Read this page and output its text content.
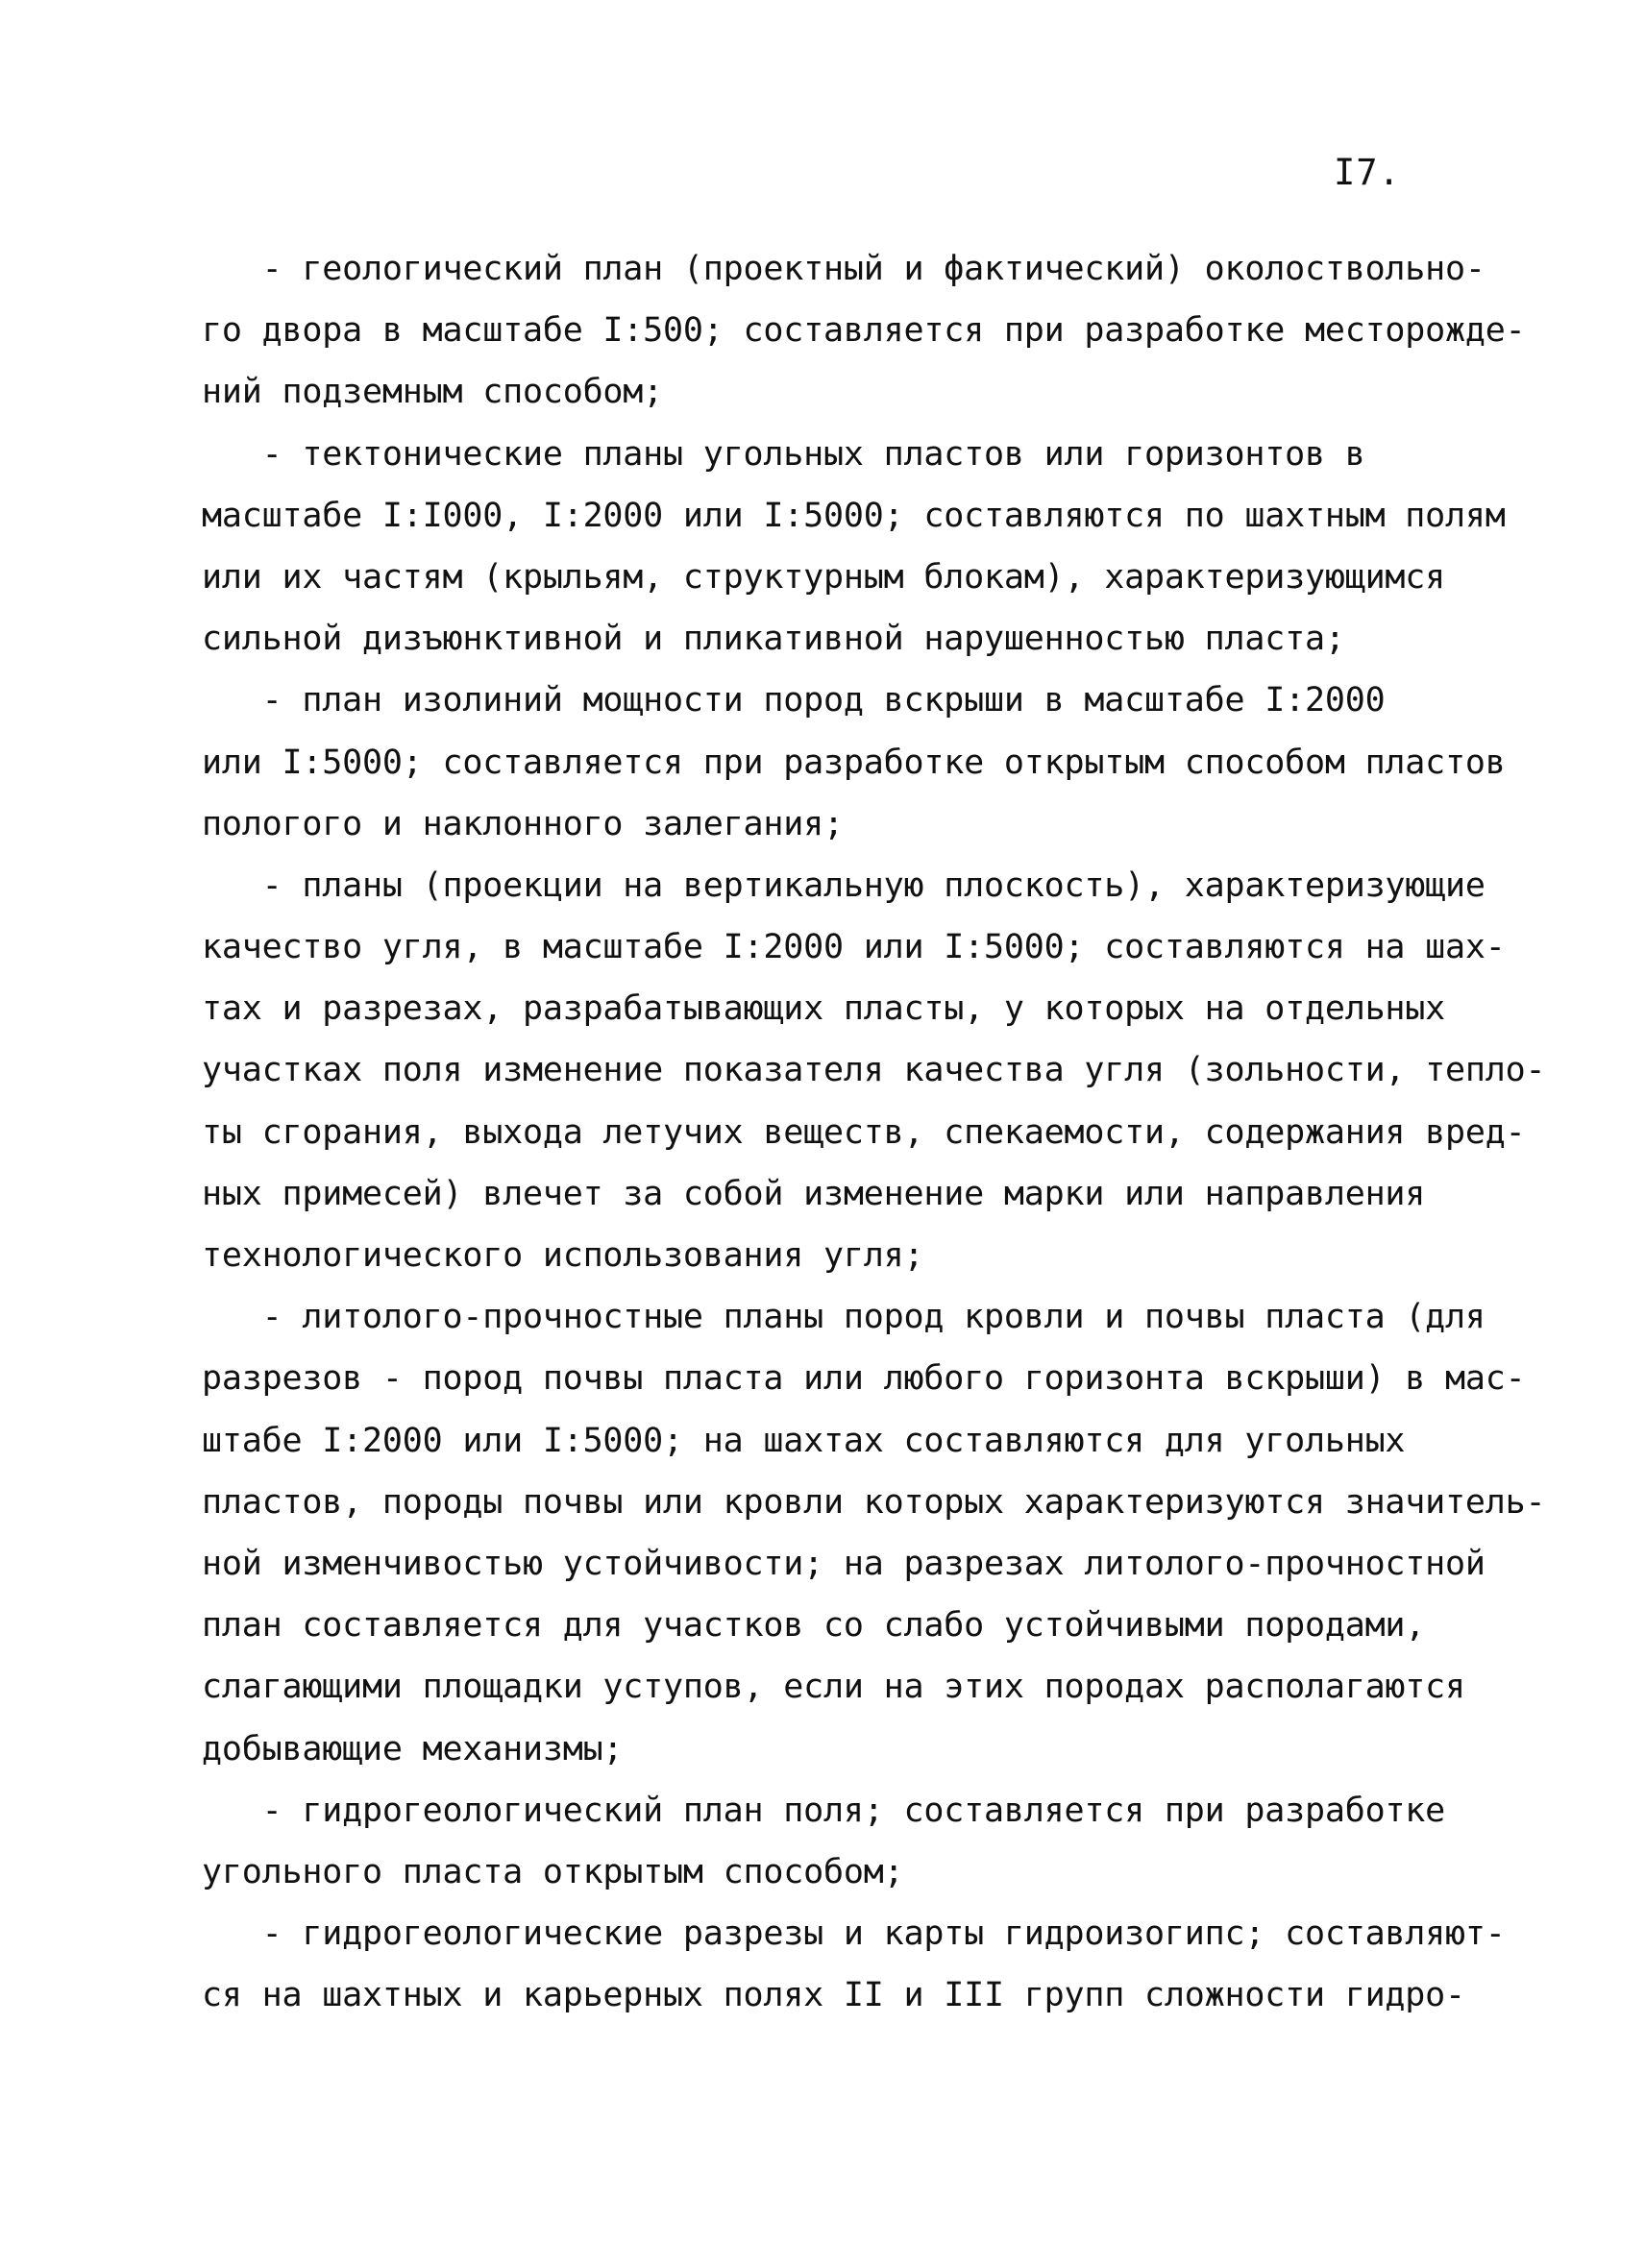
I7.
- геологический план (проектный и фактический) околоствольно-
го двора в масштабе I:500; составляется при разработке месторожде-
ний подземным способом;
- тектонические планы угольных пластов или горизонтов в
масштабе I:I000, I:2000 или I:5000; составляются по шахтным полям
или их частям (крыльям, структурным блокам), характеризующимся
сильной дизъюнктивной и пликативной нарушенностью пласта;
- план изолиний мощности пород вскрыши в масштабе I:2000
или I:5000; составляется при разработке открытым способом пластов
пологого и наклонного залегания;
- планы (проекции на вертикальную плоскость), характеризующие
качество угля, в масштабе I:2000 или I:5000; составляются на шах-
тах и разрезах, разрабатывающих пласты, у которых на отдельных
участках поля изменение показателя качества угля (зольности, тепло-
ты сгорания, выхода летучих веществ, спекаемости, содержания вред-
ных примесей) влечет за собой изменение марки или направления
технологического использования угля;
- литолого-прочностные планы пород кровли и почвы пласта (для
разрезов - пород почвы пласта или любого горизонта вскрыши) в мас-
штабе I:2000 или I:5000; на шахтах составляются для угольных
пластов, породы почвы или кровли которых характеризуются значитель-
ной изменчивостью устойчивости; на разрезах литолого-прочностной
план составляется для участков со слабо устойчивыми породами,
слагающими площадки уступов, если на этих породах располагаются
добывающие механизмы;
- гидрогеологический план поля; составляется при разработке
угольного пласта открытым способом;
- гидрогеологические разрезы и карты гидроизогипс; составляют-
ся на шахтных и карьерных полях II и III групп сложности гидро-
